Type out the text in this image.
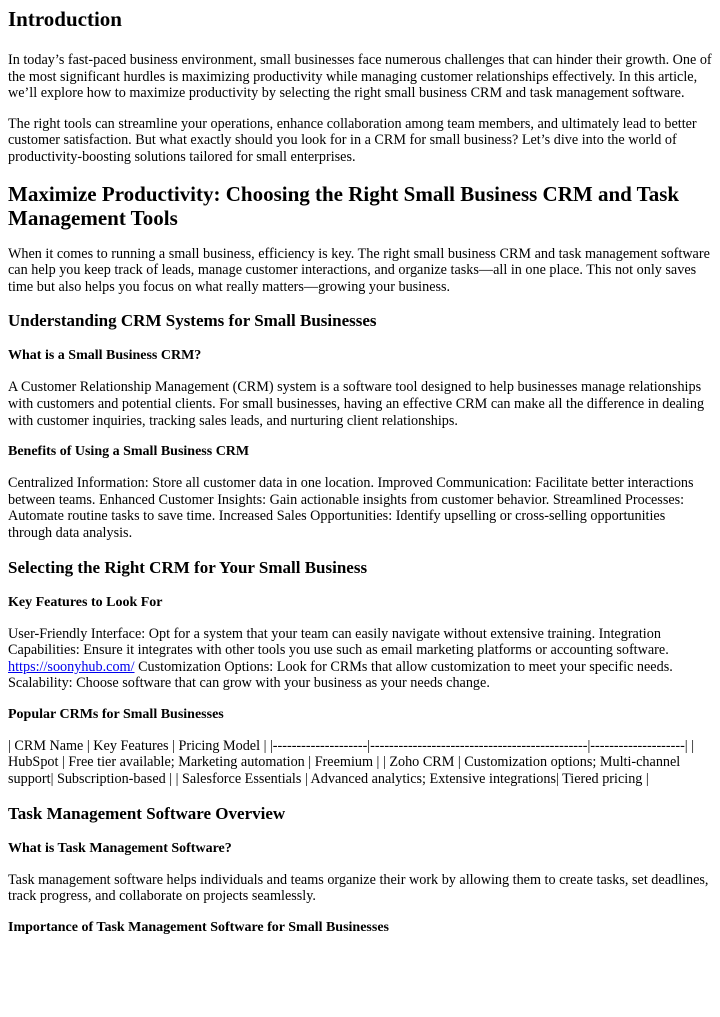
Introduction

In today’s fast-paced business environment, small businesses face numerous challenges that can hinder their growth. One of the most significant hurdles is maximizing productivity while managing customer relationships effectively. In this article, we’ll explore how to maximize productivity by selecting the right small business CRM and task management software.

The right tools can streamline your operations, enhance collaboration among team members, and ultimately lead to better customer satisfaction. But what exactly should you look for in a CRM for small business? Let’s dive into the world of productivity-boosting solutions tailored for small enterprises.

Maximize Productivity: Choosing the Right Small Business CRM and Task Management Tools

When it comes to running a small business, efficiency is key. The right small business CRM and task management software can help you keep track of leads, manage customer interactions, and organize tasks—all in one place. This not only saves time but also helps you focus on what really matters—growing your business.

Understanding CRM Systems for Small Businesses
What is a Small Business CRM?

A Customer Relationship Management (CRM) system is a software tool designed to help businesses manage relationships with customers and potential clients. For small businesses, having an effective CRM can make all the difference in dealing with customer inquiries, tracking sales leads, and nurturing client relationships.

Benefits of Using a Small Business CRM

Centralized Information: Store all customer data in one location. Improved Communication: Facilitate better interactions between teams. Enhanced Customer Insights: Gain actionable insights from customer behavior. Streamlined Processes: Automate routine tasks to save time. Increased Sales Opportunities: Identify upselling or cross-selling opportunities through data analysis.

Selecting the Right CRM for Your Small Business
Key Features to Look For

User-Friendly Interface: Opt for a system that your team can easily navigate without extensive training. Integration Capabilities: Ensure it integrates with other tools you use such as email marketing platforms or accounting software. https://soonyhub.com/ Customization Options: Look for CRMs that allow customization to meet your specific needs. Scalability: Choose software that can grow with your business as your needs change.

Popular CRMs for Small Businesses

| CRM Name | Key Features | Pricing Model | |--------------------|----------------------------------------------|--------------------| | HubSpot | Free tier available; Marketing automation | Freemium | | Zoho CRM | Customization options; Multi-channel support| Subscription-based | | Salesforce Essentials | Advanced analytics; Extensive integrations| Tiered pricing |

Task Management Software Overview
What is Task Management Software?

Task management software helps individuals and teams organize their work by allowing them to create tasks, set deadlines, track progress, and collaborate on projects seamlessly.

Importance of Task Management Software for Small Businesses
